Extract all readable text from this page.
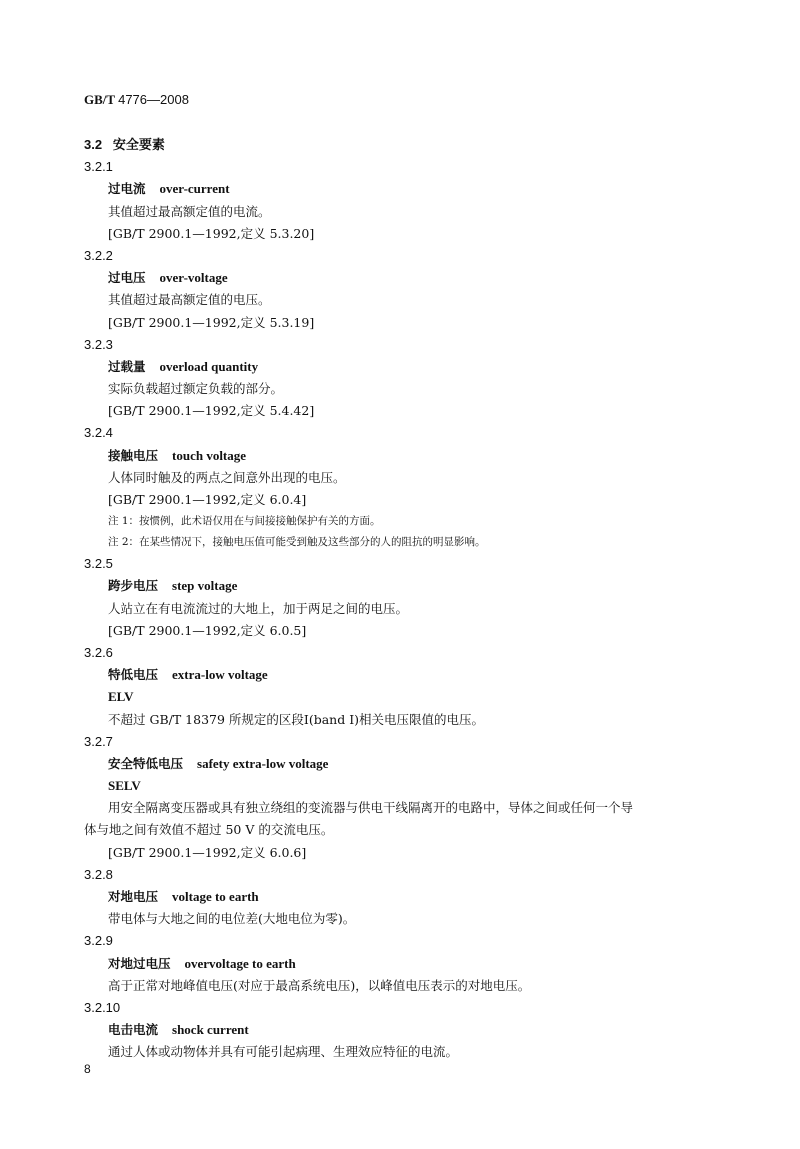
GB/T 4776—2008
3.2 安全要素
3.2.1
过电流 over-current
其值超过最高额定值的电流。
[GB/T 2900.1—1992,定义 5.3.20]
3.2.2
过电压 over-voltage
其值超过最高额定值的电压。
[GB/T 2900.1—1992,定义 5.3.19]
3.2.3
过载量 overload quantity
实际负载超过额定负载的部分。
[GB/T 2900.1—1992,定义 5.4.42]
3.2.4
接触电压 touch voltage
人体同时触及的两点之间意外出现的电压。
[GB/T 2900.1—1992,定义 6.0.4]
注 1：按惯例，此术语仅用在与间接接触保护有关的方面。
注 2：在某些情况下，接触电压值可能受到触及这些部分的人的阻抗的明显影响。
3.2.5
跨步电压 step voltage
人站立在有电流流过的大地上，加于两足之间的电压。
[GB/T 2900.1—1992,定义 6.0.5]
3.2.6
特低电压 extra-low voltage
ELV
不超过 GB/T 18379 所规定的区段Ⅰ(band Ⅰ)相关电压限值的电压。
3.2.7
安全特低电压 safety extra-low voltage
SELV
用安全隔离变压器或具有独立绕组的变流器与供电干线隔离开的电路中，导体之间或任何一个导
体与地之间有效值不超过 50 V 的交流电压。
[GB/T 2900.1—1992,定义 6.0.6]
3.2.8
对地电压 voltage to earth
带电体与大地之间的电位差(大地电位为零)。
3.2.9
对地过电压 overvoltage to earth
高于正常对地峰值电压(对应于最高系统电压)，以峰值电压表示的对地电压。
3.2.10
电击电流 shock current
通过人体或动物体并具有可能引起病理、生理效应特征的电流。
8
